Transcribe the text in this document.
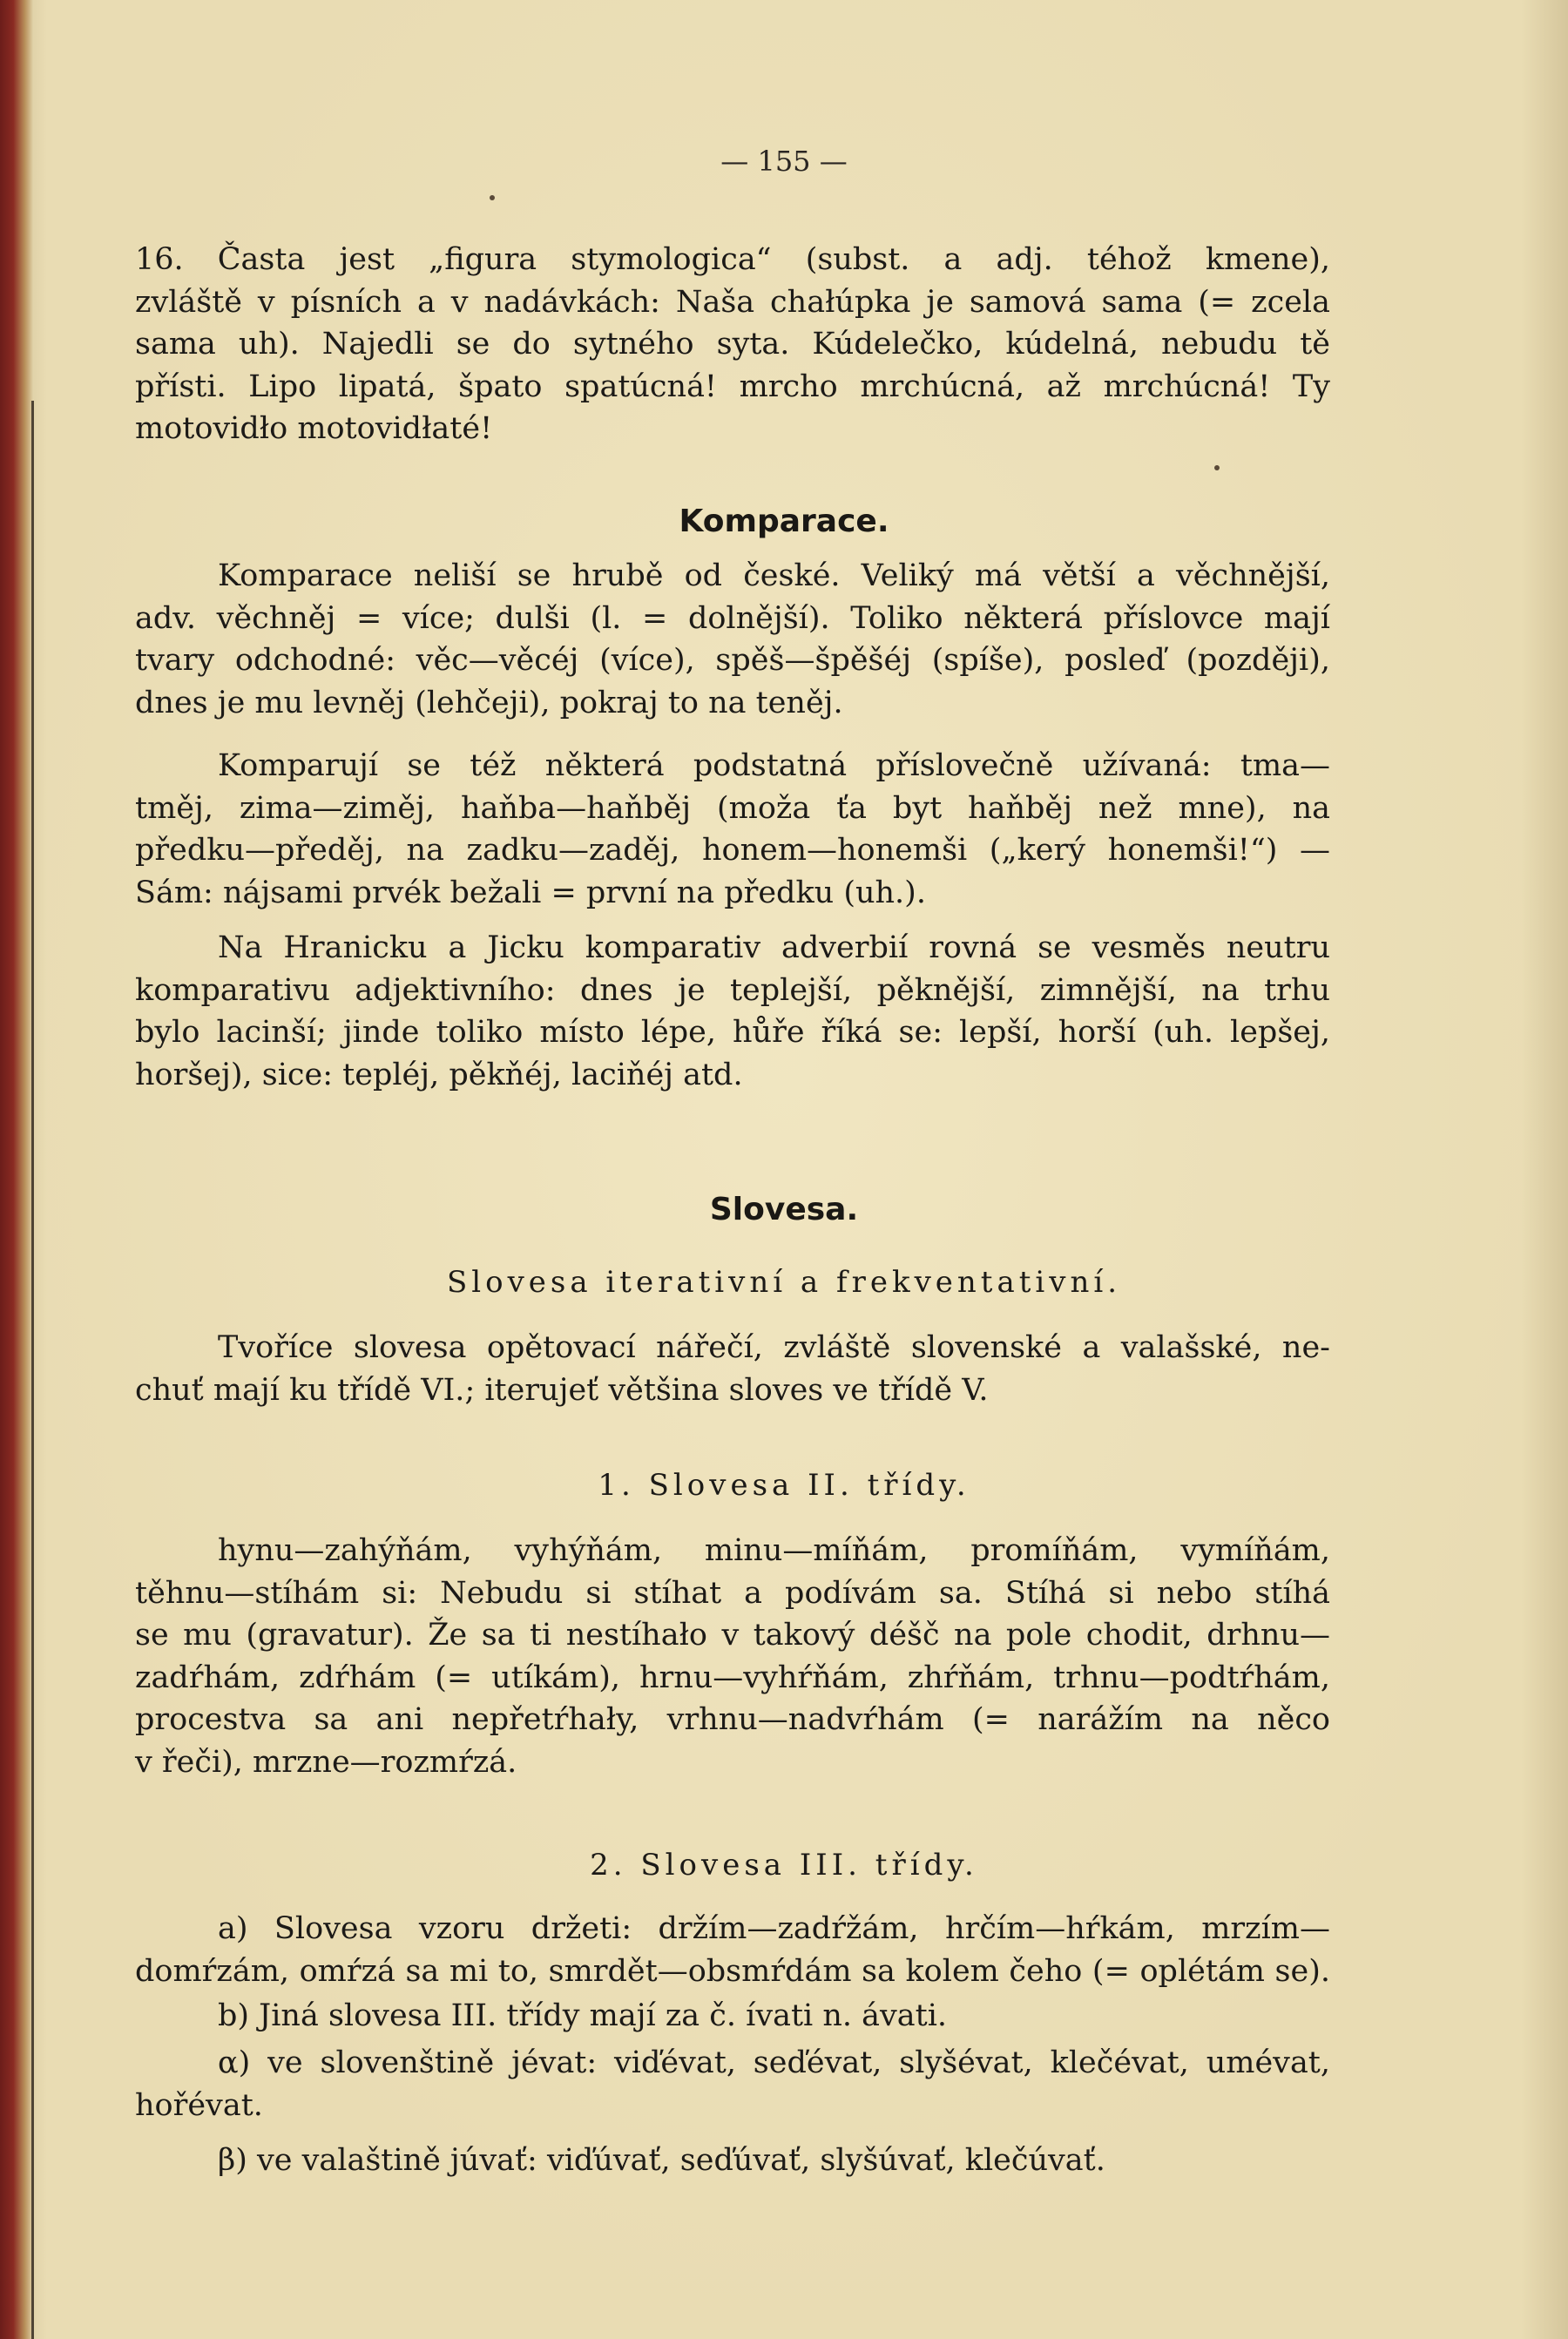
— 155 —
16. Časta jest „figura stymologica“ (subst. a adj. téhož kmene),
zvláště v písních a v nadávkách: Naša chałúpka je samová sama (= zcela
sama uh). Najedli se do sytného syta. Kúdelečko, kúdelná, nebudu tě
přísti. Lipo lipatá, špato spatúcná! mrcho mrchúcná, až mrchúcná! Ty
motovidło motovidłaté!
Komparace.
Komparace neliší se hrubě od české. Veliký má větší a věchnější,
adv. věchněj = více; dulši (l. = dolnější). Toliko některá příslovce mají
tvary odchodné: věc—věcéj (více), spěš—špěšéj (spíše), posleď (později),
dnes je mu levněj (lehčeji), pokraj to na teněj.
Komparují se též některá podstatná příslovečně užívaná: tma—
tměj, zima—ziměj, haňba—haňběj (moža ťa byt haňběj než mne), na
předku—předěj, na zadku—zaděj, honem—honemši („kerý honemši!“) —
Sám: nájsami prvék bežali = první na předku (uh.).
Na Hranicku a Jicku komparativ adverbií rovná se vesměs neutru
komparativu adjektivního: dnes je teplejší, pěknější, zimnější, na trhu
bylo lacinší; jinde toliko místo lépe, hůře říká se: lepší, horší (uh. lepšej,
horšej), sice: tepléj, pěkňéj, laciňéj atd.
Slovesa.
Slovesa iterativní a frekventativní.
Tvoříce slovesa opětovací nářečí, zvláště slovenské a valašské, ne-
chuť mají ku třídě VI.; iterujeť většina sloves ve třídě V.
1. Slovesa II. třídy.
hynu—zahýňám, vyhýňám, minu—míňám, promíňám, vymíňám,
těhnu—stíhám si: Nebudu si stíhat a podívám sa. Stíhá si nebo stíhá
se mu (gravatur). Že sa ti nestíhało v takový déšč na pole chodit, drhnu—
zadŕhám, zdŕhám (= utíkám), hrnu—vyhŕňám, zhŕňám, trhnu—podtŕhám,
procestva sa ani nepřetŕhały, vrhnu—nadvŕhám (= narážím na něco
v řeči), mrzne—rozmŕzá.
2. Slovesa III. třídy.
a) Slovesa vzoru držeti: držím—zadŕžám, hrčím—hŕkám, mrzím—
domŕzám, omŕzá sa mi to, smrdět—obsmŕdám sa kolem čeho (= oplétám se).
b) Jiná slovesa III. třídy mají za č. ívati n. ávati.
α) ve slovenštině jévat: viďévat, seďévat, slyšévat, klečévat, umévat,
hořévat.
β) ve valaštině júvať: viďúvať, seďúvať, slyšúvať, klečúvať.
